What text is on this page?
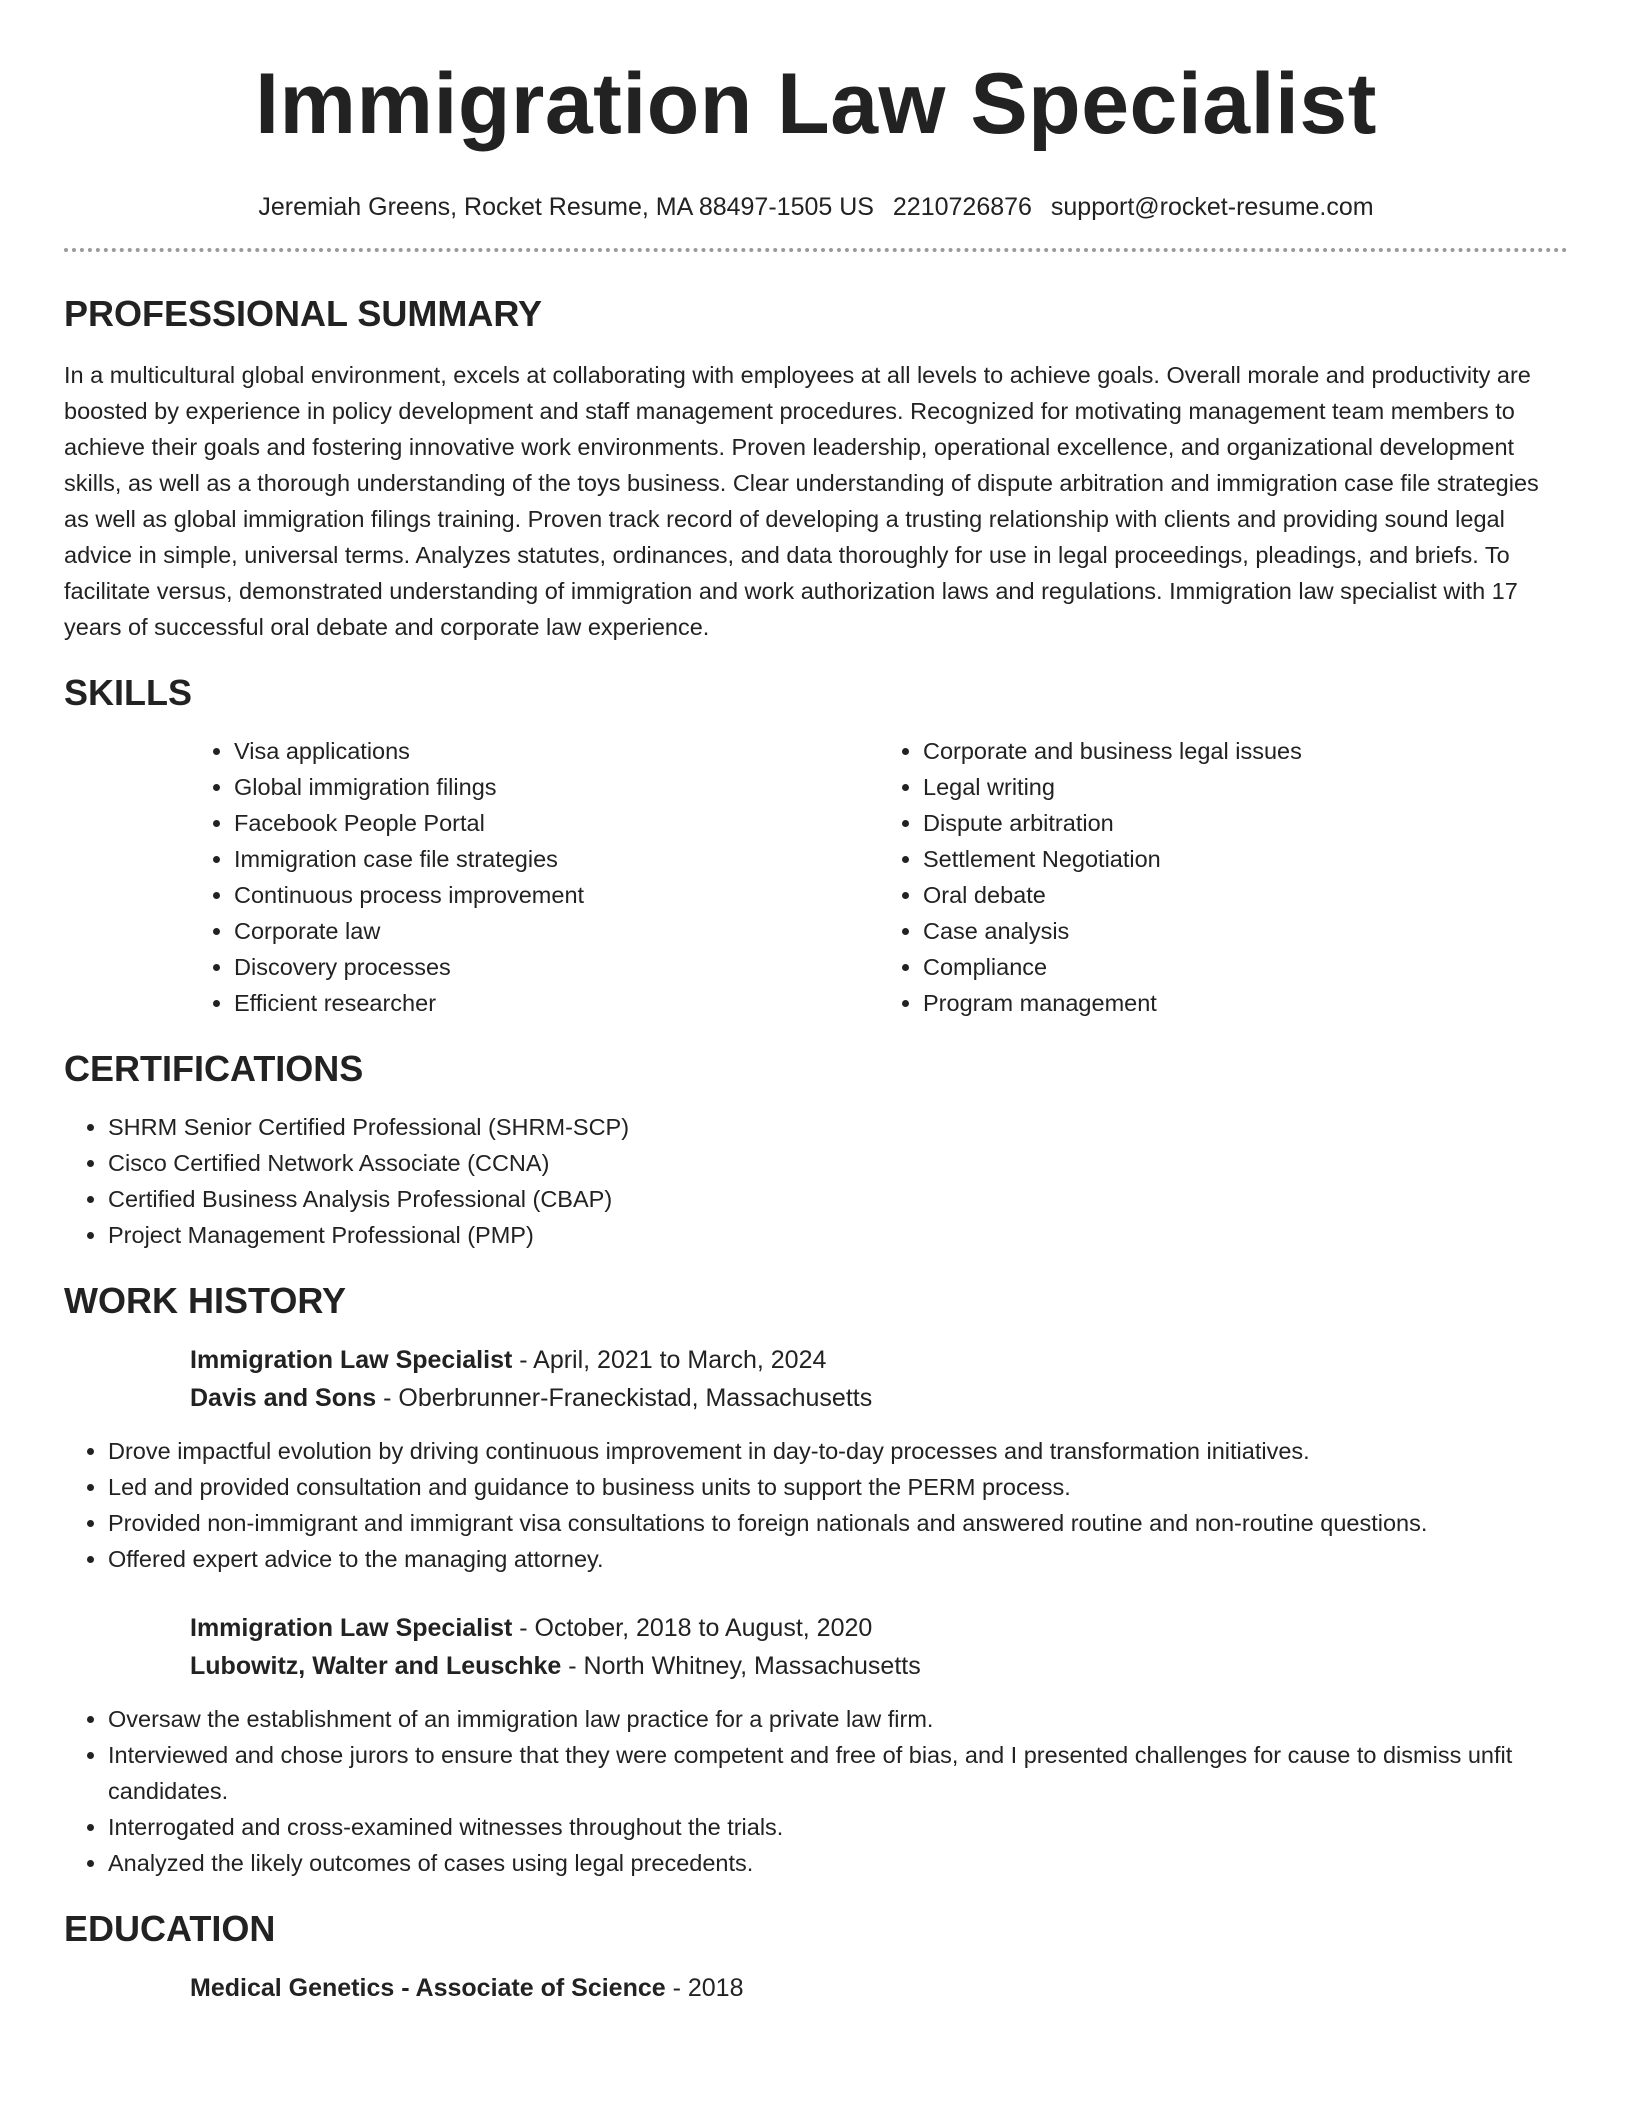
Immigration Law Specialist
Jeremiah Greens, Rocket Resume, MA 88497-1505 US 2210726876 support@rocket-resume.com
PROFESSIONAL SUMMARY

In a multicultural global environment, excels at collaborating with employees at all levels to achieve goals. Overall morale and productivity are boosted by experience in policy development and staff management procedures. Recognized for motivating management team members to achieve their goals and fostering innovative work environments. Proven leadership, operational excellence, and organizational development skills, as well as a thorough understanding of the toys business. Clear understanding of dispute arbitration and immigration case file strategies as well as global immigration filings training. Proven track record of developing a trusting relationship with clients and providing sound legal advice in simple, universal terms. Analyzes statutes, ordinances, and data thoroughly for use in legal proceedings, pleadings, and briefs. To facilitate versus, demonstrated understanding of immigration and work authorization laws and regulations. Immigration law specialist with 17 years of successful oral debate and corporate law experience.

SKILLS
• Visa applications
• Global immigration filings
• Facebook People Portal
• Immigration case file strategies
• Continuous process improvement
• Corporate law
• Discovery processes
• Efficient researcher
• Corporate and business legal issues
• Legal writing
• Dispute arbitration
• Settlement Negotiation
• Oral debate
• Case analysis
• Compliance
• Program management
CERTIFICATIONS
• SHRM Senior Certified Professional (SHRM-SCP)
• Cisco Certified Network Associate (CCNA)
• Certified Business Analysis Professional (CBAP)
• Project Management Professional (PMP)
WORK HISTORY
Immigration Law Specialist - April, 2021 to March, 2024
Davis and Sons - Oberbrunner-Franeckistad, Massachusetts
• Drove impactful evolution by driving continuous improvement in day-to-day processes and transformation initiatives.
• Led and provided consultation and guidance to business units to support the PERM process.
• Provided non-immigrant and immigrant visa consultations to foreign nationals and answered routine and non-routine questions.
• Offered expert advice to the managing attorney.
Immigration Law Specialist - October, 2018 to August, 2020
Lubowitz, Walter and Leuschke - North Whitney, Massachusetts
• Oversaw the establishment of an immigration law practice for a private law firm.
• Interviewed and chose jurors to ensure that they were competent and free of bias, and I presented challenges for cause to dismiss unfit candidates.
• Interrogated and cross-examined witnesses throughout the trials.
• Analyzed the likely outcomes of cases using legal precedents.
EDUCATION
Medical Genetics - Associate of Science - 2018
